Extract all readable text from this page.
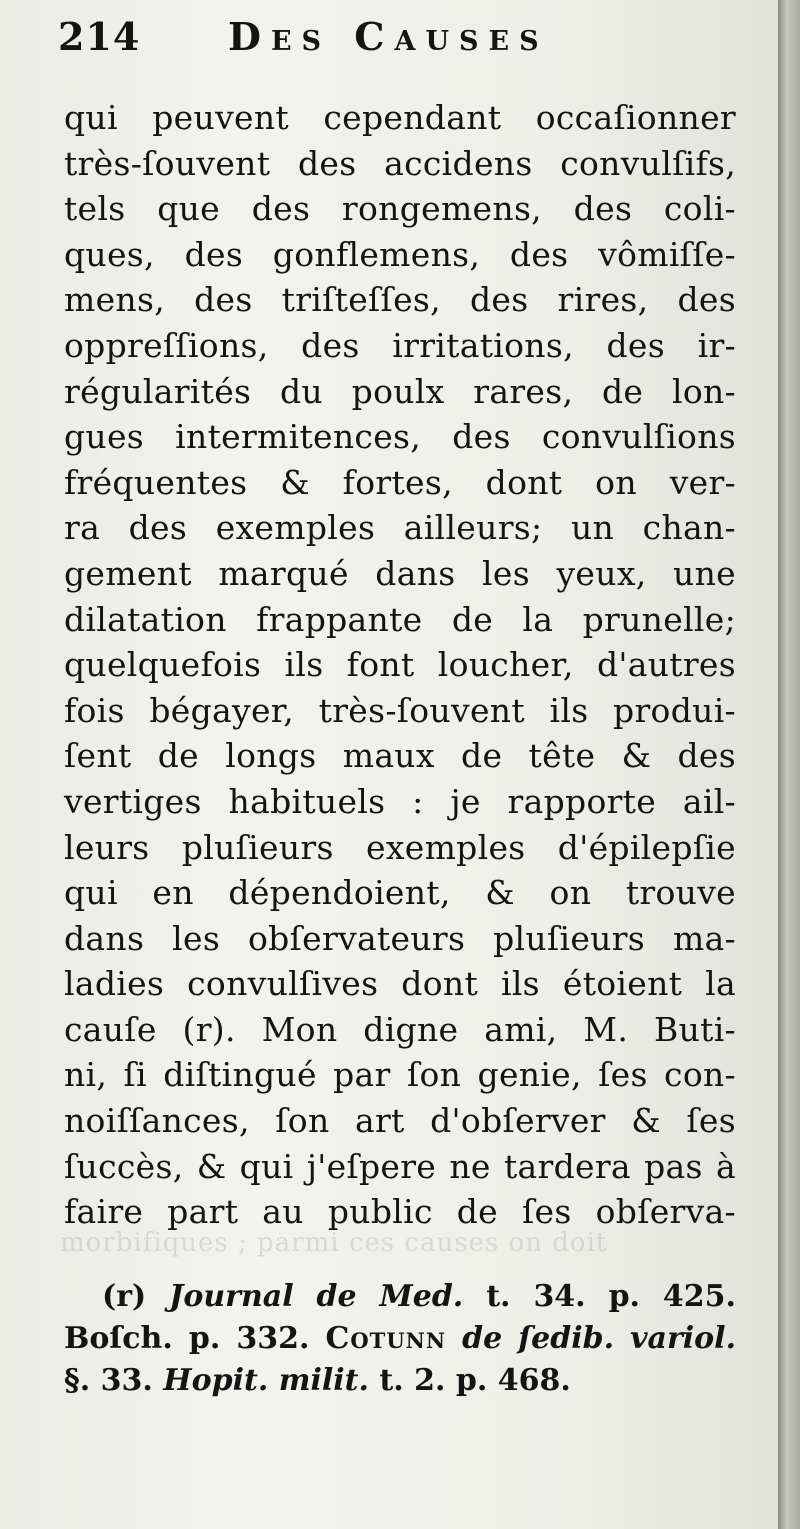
morbifiques ; parmi ces causes on doit
214 Des Causes
qui peuvent cependant occaſionner
très-ſouvent des accidens convulſifs,
tels que des rongemens, des coli-
ques, des gonflemens, des vômiſſe-
mens, des triſteſſes, des rires, des
oppreſſions, des irritations, des ir-
régularités du poulx rares, de lon-
gues intermitences, des convulſions
fréquentes & fortes, dont on ver-
ra des exemples ailleurs; un chan-
gement marqué dans les yeux, une
dilatation frappante de la prunelle;
quelquefois ils font loucher, d'autres
fois bégayer, très-ſouvent ils produi-
ſent de longs maux de tête & des
vertiges habituels : je rapporte ail-
leurs pluſieurs exemples d'épilepſie
qui en dépendoient, & on trouve
dans les obſervateurs pluſieurs ma-
ladies convulſives dont ils étoient la
cauſe (r). Mon digne ami, M. Buti-
ni, ſi diſtingué par ſon genie, ſes con-
noiſſances, ſon art d'obſerver & ſes
ſuccès, & qui j'eſpere ne tardera pas à
faire part au public de ſes obſerva-
(r) Journal de Med. t. 34. p. 425.
Boſch. p. 332. Cotunn de ſedib. variol.
§. 33. Hopit. milit. t. 2. p. 468.
